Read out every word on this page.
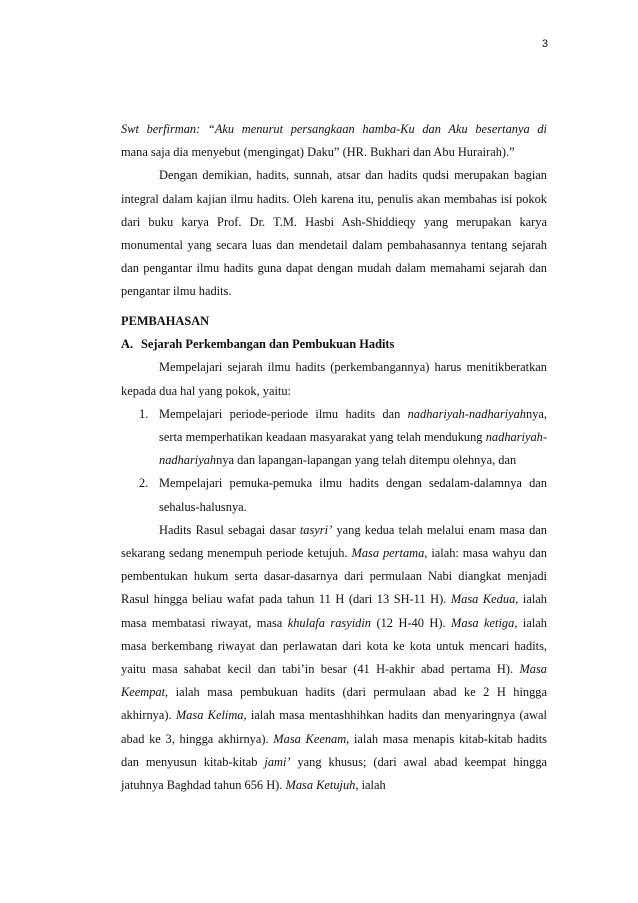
3

Swt berfirman: “Aku menurut persangkaan hamba-Ku dan Aku besertanya di

mana saja dia menyebut (mengingat) Daku” (HR. Bukhari dan Abu Hurairah).”

Dengan demikian, hadits, sunnah, atsar dan hadits qudsi merupakan bagian integral dalam kajian ilmu hadits. Oleh karena itu, penulis akan membahas isi pokok dari buku karya Prof. Dr. T.M. Hasbi Ash-Shiddieqy yang merupakan karya monumental yang secara luas dan mendetail dalam pembahasannya tentang sejarah dan pengantar ilmu hadits guna dapat dengan mudah dalam memahami sejarah dan pengantar ilmu hadits.

PEMBAHASAN

A. Sejarah Perkembangan dan Pembukuan Hadits

Mempelajari sejarah ilmu hadits (perkembangannya) harus menitikberatkan kepada dua hal yang pokok, yaitu:

1. Mempelajari periode-periode ilmu hadits dan nadhariyah-nadhariyahnya, serta memperhatikan keadaan masyarakat yang telah mendukung nadhariyah-nadhariyahnya dan lapangan-lapangan yang telah ditempu olehnya, dan
2. Mempelajari pemuka-pemuka ilmu hadits dengan sedalam-dalamnya dan sehalus-halusnya.

Hadits Rasul sebagai dasar tasyri’ yang kedua telah melalui enam masa dan sekarang sedang menempuh periode ketujuh. Masa pertama, ialah: masa wahyu dan pembentukan hukum serta dasar-dasarnya dari permulaan Nabi diangkat menjadi Rasul hingga beliau wafat pada tahun 11 H (dari 13 SH-11 H). Masa Kedua, ialah masa membatasi riwayat, masa khulafa rasyidin (12 H-40 H). Masa ketiga, ialah masa berkembang riwayat dan perlawatan dari kota ke kota untuk mencari hadits, yaitu masa sahabat kecil dan tabi’in besar (41 H-akhir abad pertama H). Masa Keempat, ialah masa pembukuan hadits (dari permulaan abad ke 2 H hingga akhirnya). Masa Kelima, ialah masa mentashhihkan hadits dan menyaringnya (awal abad ke 3, hingga akhirnya). Masa Keenam, ialah masa menapis kitab-kitab hadits dan menyusun kitab-kitab jami’ yang khusus; (dari awal abad keempat hingga jatuhnya Baghdad tahun 656 H). Masa Ketujuh, ialah
